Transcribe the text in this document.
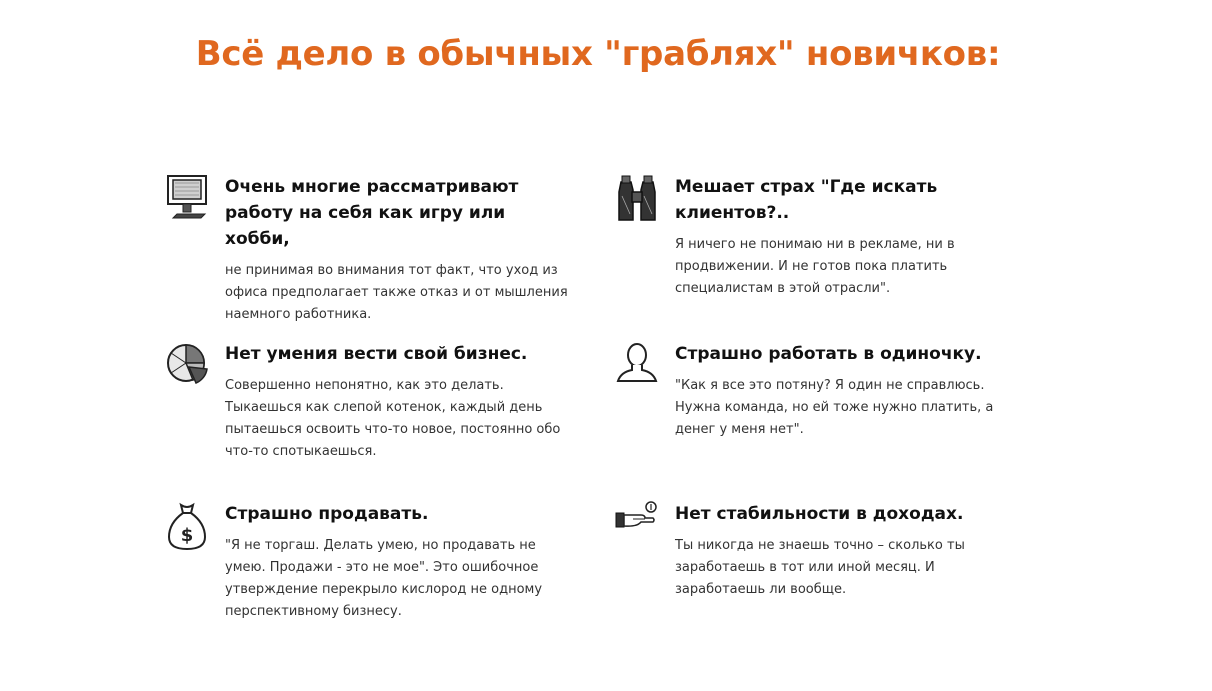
Всё дело в обычных "граблях" новичков:
Очень многие рассматривают работу на себя как игру или хобби,
не принимая во внимания тот факт, что уход из офиса предполагает также отказ и от мышления наемного работника.
Мешает страх "Где искать клиентов?..
Я ничего не понимаю ни в рекламе, ни в продвижении. И не готов пока платить специалистам в этой отрасли".
Нет умения вести свой бизнес.
Совершенно непонятно, как это делать. Тыкаешься как слепой котенок, каждый день пытаешься освоить что-то новое, постоянно обо что-то спотыкаешься.
Страшно работать в одиночку.
"Как я все это потяну? Я один не справлюсь. Нужна команда, но ей тоже нужно платить, а денег у меня нет".
$
Страшно продавать.
"Я не торгаш. Делать умею, но продавать не умею. Продажи - это не мое". Это ошибочное утверждение перекрыло кислород не одному перспективному бизнесу.
Нет стабильности в доходах.
Ты никогда не знаешь точно – сколько ты заработаешь в тот или иной месяц. И заработаешь ли вообще.
